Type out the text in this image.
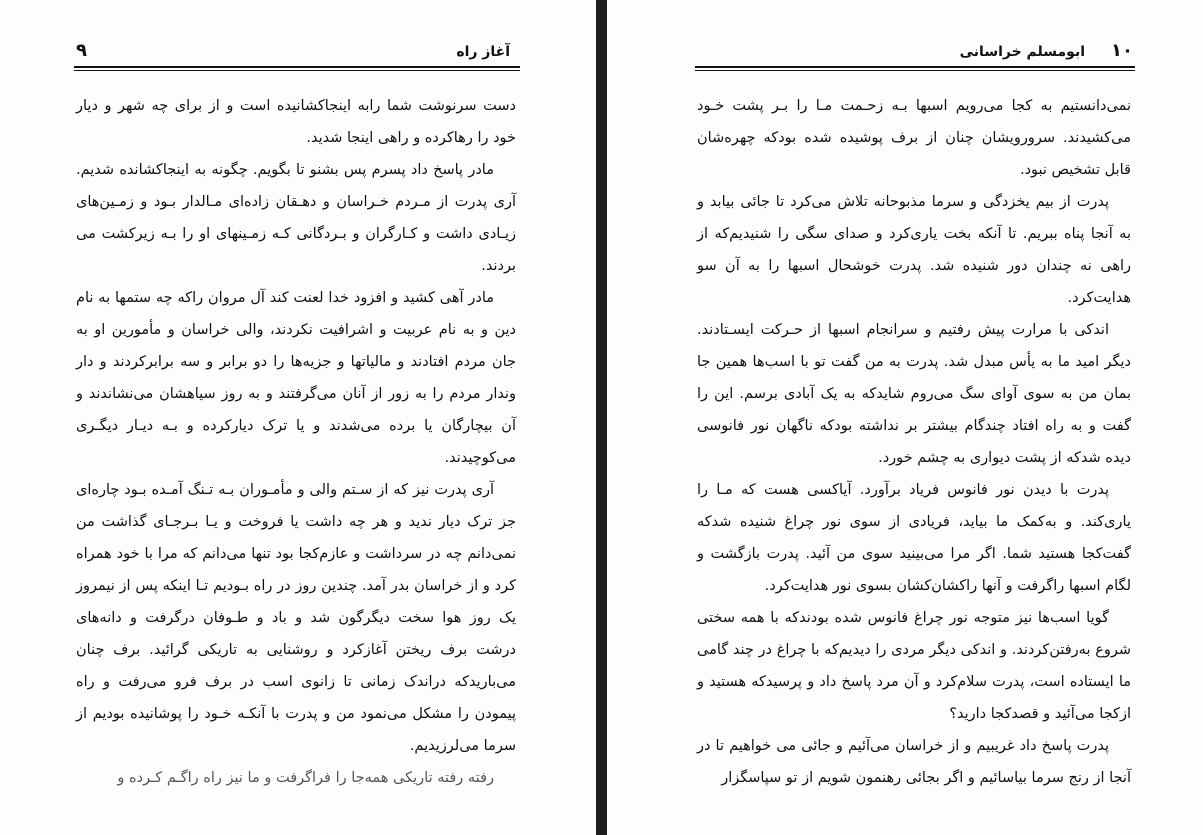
۹	آغاز راه

دست سرنوشت شما رابه اینجاکشانیده است و از برای چه شهر و دیار خود را رهاکرده و راهی اینجا شدید.

مادر پاسخ داد پسرم پس بشنو تا بگویم. چگونه به اینجاکشانده شدیم. آری پدرت از مـردم خـراسان و دهـقان زاده‌ای مـالدار بـود و زمـین‌های زیـادی داشت و کـارگران و بـردگانی کـه زمـینهای او را بـه زیرکشت می بردند.

مادر آهی کشید و افزود خدا لعنت کند آل مروان راکه چه ستمها به نام دین و به نام عربیت و اشرافیت نکردند، والی خراسان و مأمورین او به جان مردم افتادند و مالیاتها و جزیه‌ها را دو برابر و سه برابرکردند و دار وندار مردم را به زور از آنان می‌گرفتند و به روز سیاهشان می‌نشاندند و آن بیچارگان یا برده می‌شدند و یا ترک دیارکرده و بـه دیـار دیگـری می‌کوچیدند.

آری پدرت نیز که از سـتم والی و مأمـوران بـه تـنگ آمـده بـود چاره‌ای جز ترک دیار ندید و هر چه داشت یا فروخت و یـا بـرجـای گذاشت من نمی‌دانم چه در سرداشت و عازم‌کجا بود تنها می‌دانم که مرا با خود همراه کرد و از خراسان بدر آمد. چندین روز در راه بـودیم تـا اینکه پس از نیمروز یک روز هوا سخت دیگرگون شد و باد و طـوفان درگرفت و دانه‌های درشت برف ریختن آغازکرد و روشنایی به تاریکی گرائید. برف چنان می‌بارید‌که دراندک زمانی تا زانوی اسب در برف فرو می‌رفت و راه پیمودن را مشکل می‌نمود من و پدرت با آنکـه خـود را پوشانیده بودیم از سرما می‌لرزیدیم.

رفته رفته تاریکی همه‌جا را فراگرفت و ما نیز راه راگـم کـرده و

۱۰
ابومسلم خراسانی

نمی‌دانستیم به کجا می‌رویم اسبها بـه زحـمت مـا را بـر پشت خـود می‌کشیدند. سرورویشان چنان از برف پوشیده شده بودکه چهره‌شان قابل تشخیص نبود.

پدرت از بیم یخزدگی و سرما مذبوحانه تلاش می‌کرد تا جائی بیابد و به آنجا پناه ببریم. تا آنکه بخت یاری‌کرد و صدای سگی را شنیدیم‌که از راهی نه چندان دور شنیده شد. پدرت خوشحال اسبها را به آن سو هدایت‌کرد.

اندکی با مرارت پیش رفتیم و سرانجام اسبها از حـرکت ایسـتادند. دیگر امید ما به یأس مبدل شد. پدرت به من گفت تو با اسب‌ها همین جا بمان من به سوی آوای سگ می‌روم شایدکه به یک آبادی برسم. این را گفت و به راه افتاد چندگام بیشتر بر نداشته بودکه ناگهان نور فانوسی دیده شدکه از پشت دیواری به چشم خورد.

پدرت با دیدن نور فانوس فریاد برآورد. آیاکسی هست که مـا را یاری‌کند. و به‌کمک ما بیاید، فریادی از سوی نور چراغ شنیده شدکه گفت‌کجا هستید شما. اگر مرا می‌بینید سوی من آئید. پدرت بازگشت و لگام اسبها راگرفت و آنها راکشان‌کشان بسوی نور هدایت‌کرد.

گویا اسب‌ها نیز متوجه نور چراغ فانوس شده بودندکه با همه سختی شروع به‌رفتن‌کردند. و اندکی دیگر مردی را دیدیم‌که با چراغ در چند گامی ما ایستاده است، پدرت سلام‌کرد و آن مرد پاسخ داد و پرسیدکه هستید و ازکجا می‌آئید و قصدکجا دارید؟

پدرت پاسخ داد غریبیم و از خراسان می‌آئیم و جائی می خواهیم تا در آنجا از رنج سرما بیاسائیم و اگر بجائی رهنمون شویم از تو سپاسگزار
